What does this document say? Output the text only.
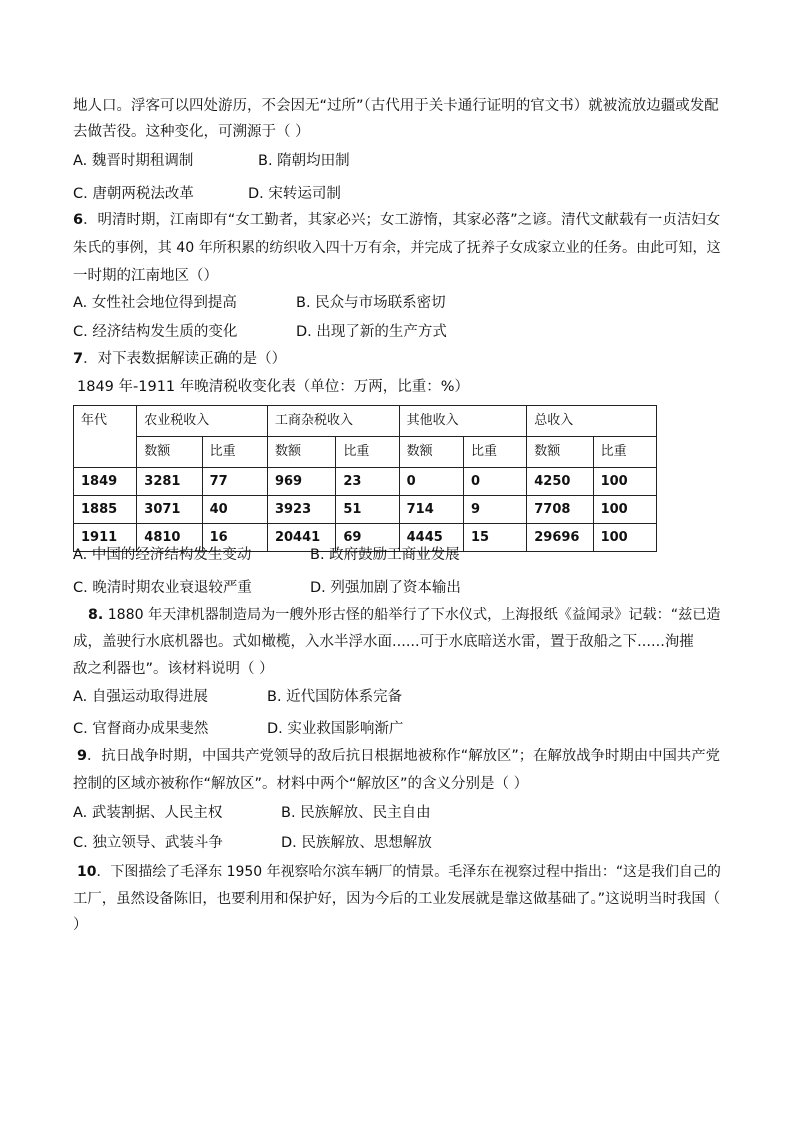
地人口。浮客可以四处游历，不会因无“过所”（古代用于关卡通行证明的官文书）就被流放边疆或发配
去做苦役。这种变化，可溯源于（ ）
A. 魏晋时期租调制	B. 隋朝均田制
C. 唐朝两税法改革	D. 宋转运司制
6．明清时期，江南即有“女工勤者，其家必兴；女工游惰，其家必落”之谚。清代文献载有一贞洁妇女
朱氏的事例，其 40 年所积累的纺织收入四十万有余，并完成了抚养子女成家立业的任务。由此可知，这
一时期的江南地区（）
A. 女性社会地位得到提高	B. 民众与市场联系密切
C. 经济结构发生质的变化	D. 出现了新的生产方式
7．对下表数据解读正确的是（）
1849 年-1911 年晚清税收变化表（单位：万两，比重：%）
年代	农业税收入		工商杂税收入		其他收入		总收入	
	数额	比重	数额	比重	数额	比重	数额	比重
1849	3281	77	969	23	0	0	4250	100
1885	3071	40	3923	51	714	9	7708	100
1911	4810	16	20441	69	4445	15	29696	100
A. 中国的经济结构发生变动	B. 政府鼓励工商业发展
C. 晚清时期农业衰退较严重	D. 列强加剧了资本输出
8. 1880 年天津机器制造局为一艘外形古怪的船举行了下水仪式，上海报纸《益闻录》记载：“兹已造
成，盖驶行水底机器也。式如橄榄，入水半浮水面......可于水底暗送水雷，置于敌船之下......洵摧
敌之利器也”。该材料说明（ ）
A. 自强运动取得进展	B. 近代国防体系完备
C. 官督商办成果斐然	D. 实业救国影响渐广
9．抗日战争时期，中国共产党领导的敌后抗日根据地被称作“解放区”；在解放战争时期由中国共产党
控制的区域亦被称作“解放区”。材料中两个“解放区”的含义分别是（ ）
A. 武装割据、人民主权	B. 民族解放、民主自由
C. 独立领导、武装斗争	D. 民族解放、思想解放
10．下图描绘了毛泽东 1950 年视察哈尔滨车辆厂的情景。毛泽东在视察过程中指出：“这是我们自己的
工厂，虽然设备陈旧，也要利用和保护好，因为今后的工业发展就是靠这做基础了。”这说明当时我国（
）
